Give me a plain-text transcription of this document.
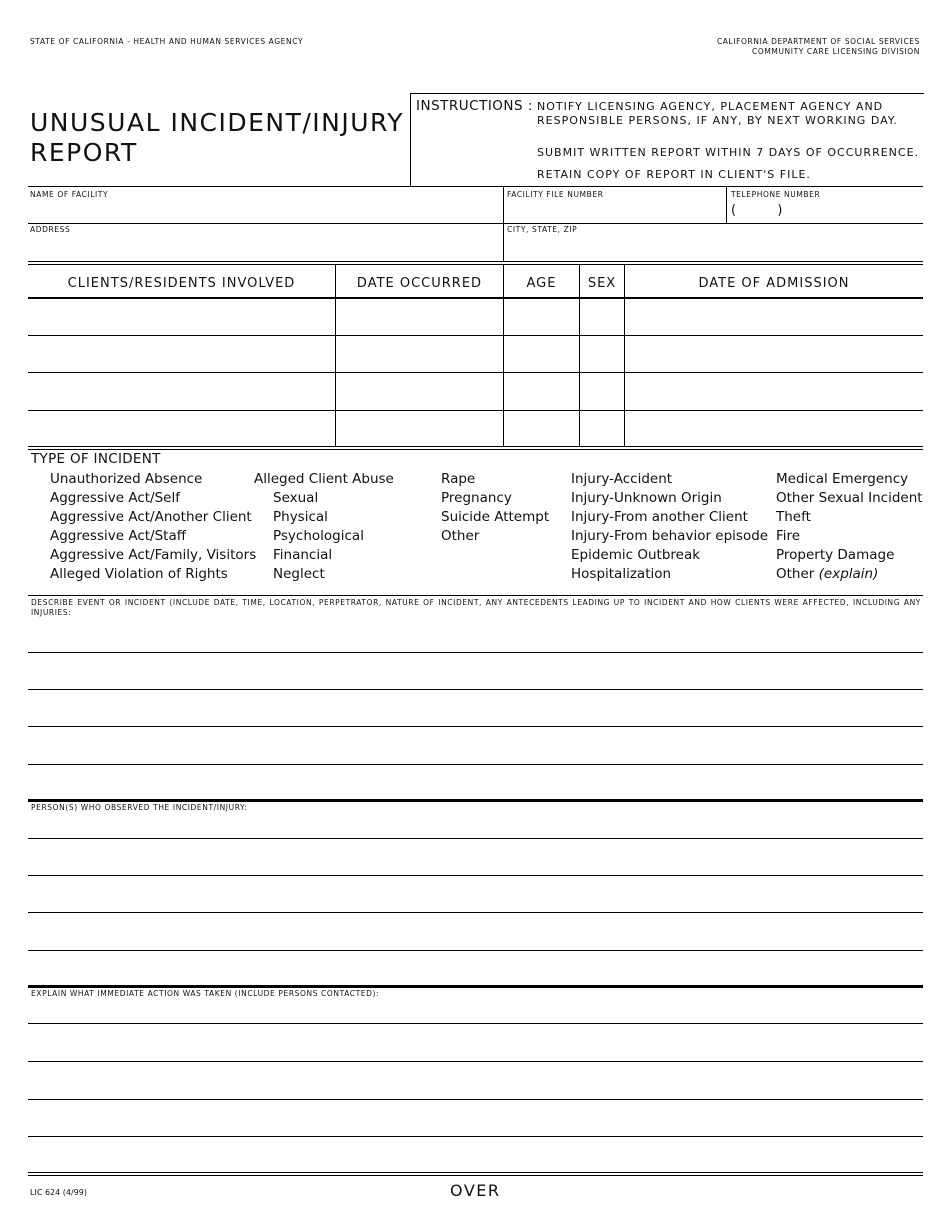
STATE OF CALIFORNIA - HEALTH AND HUMAN SERVICES AGENCY	CALIFORNIA DEPARTMENT OF SOCIAL SERVICES
COMMUNITY CARE LICENSING DIVISION
UNUSUAL INCIDENT/INJURY
REPORT
INSTRUCTIONS : NOTIFY LICENSING AGENCY, PLACEMENT AGENCY AND
RESPONSIBLE PERSONS, IF ANY, BY NEXT WORKING DAY.
SUBMIT WRITTEN REPORT WITHIN 7 DAYS OF OCCURRENCE.
RETAIN COPY OF REPORT IN CLIENT'S FILE.
NAME OF FACILITY	FACILITY FILE NUMBER	TELEPHONE NUMBER
(          )
ADDRESS	CITY, STATE, ZIP
CLIENTS/RESIDENTS INVOLVED	DATE OCCURRED	AGE	SEX	DATE OF ADMISSION
TYPE OF INCIDENT
Unauthorized Absence
Aggressive Act/Self
Aggressive Act/Another Client
Aggressive Act/Staff
Aggressive Act/Family, Visitors
Alleged Violation of Rights
Alleged Client Abuse
Sexual
Physical
Psychological
Financial
Neglect
Rape
Pregnancy
Suicide Attempt
Other
Injury-Accident
Injury-Unknown Origin
Injury-From another Client
Injury-From behavior episode
Epidemic Outbreak
Hospitalization
Medical Emergency
Other Sexual Incident
Theft
Fire
Property Damage
Other (explain)
DESCRIBE EVENT OR INCIDENT (INCLUDE DATE, TIME, LOCATION, PERPETRATOR, NATURE OF INCIDENT, ANY ANTECEDENTS LEADING UP TO INCIDENT AND HOW CLIENTS WERE AFFECTED, INCLUDING ANY INJURIES:
PERSON(S) WHO OBSERVED THE INCIDENT/INJURY:
EXPLAIN WHAT IMMEDIATE ACTION WAS TAKEN (INCLUDE PERSONS CONTACTED):
LIC 624 (4/99)	OVER
